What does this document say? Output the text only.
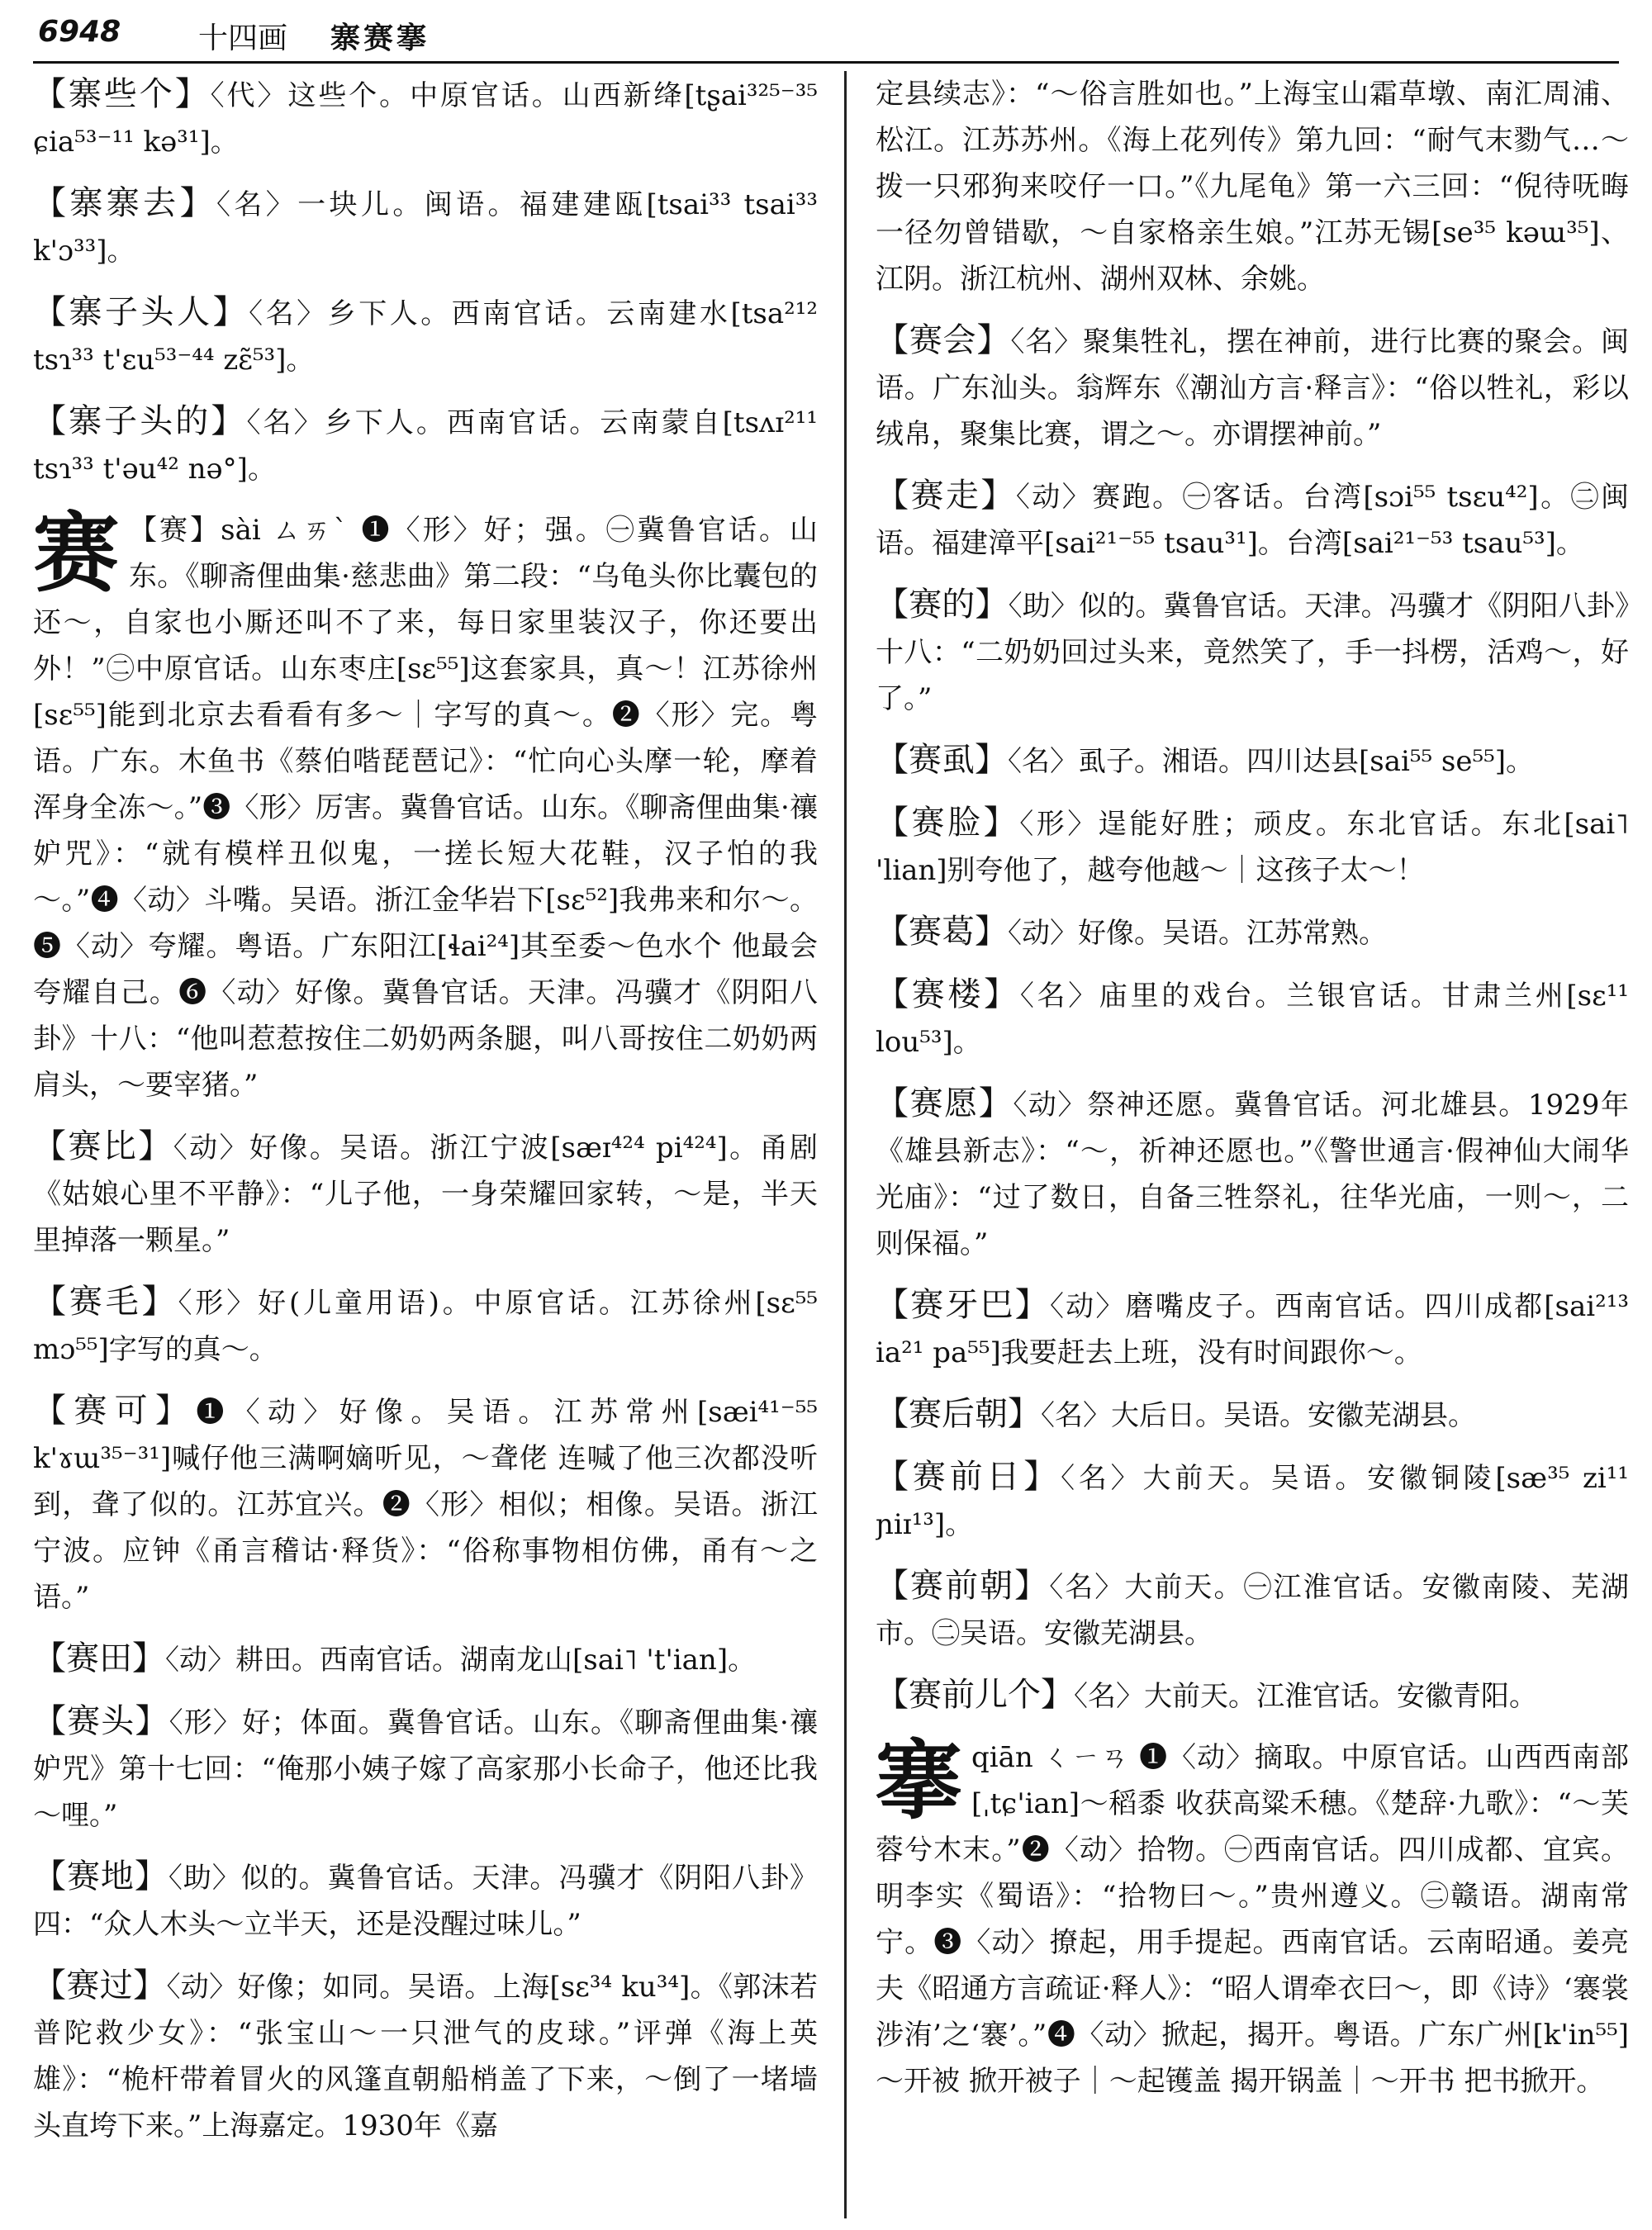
6948	十四画 寨赛搴
【寨些个】〈代〉这些个。中原官话。山西新绛[tʂai³²⁵⁻³⁵ ɕia⁵³⁻¹¹ kə³¹]。
【寨寨去】〈名〉一块儿。闽语。福建建瓯[tsai³³ tsai³³ k'ɔ³³]。
【寨子头人】〈名〉乡下人。西南官话。云南建水[tsa²¹² tsɿ³³ t'ɛu⁵³⁻⁴⁴ zɛ̃⁵³]。
【寨子头的】〈名〉乡下人。西南官话。云南蒙自[tsʌɪ²¹¹ tsɿ³³ t'əu⁴² nə°]。
赛 【赛】sài ㄙㄞˋ ❶〈形〉好；强。㊀冀鲁官话。山东。《聊斋俚曲集·慈悲曲》第二段：“乌龟头你比囊包的还～，自家也小厮还叫不了来，每日家里装汉子，你还要出外！”㊁中原官话。山东枣庄[sɛ⁵⁵]这套家具，真～！江苏徐州[sɛ⁵⁵]能到北京去看看有多～｜字写的真～。❷〈形〉完。粤语。广东。木鱼书《蔡伯喈琵琶记》：“忙向心头摩一轮，摩着浑身全冻～。”❸〈形〉厉害。冀鲁官话。山东。《聊斋俚曲集·禳妒咒》：“就有模样丑似鬼，一搓长短大花鞋，汉子怕的我～。”❹〈动〉斗嘴。吴语。浙江金华岩下[sɛ⁵²]我弗来和尔～。❺〈动〉夸耀。粤语。广东阳江[ɬai²⁴]其至委～色水个 他最会夸耀自己。❻〈动〉好像。冀鲁官话。天津。冯骥才《阴阳八卦》十八：“他叫惹惹按住二奶奶两条腿，叫八哥按住二奶奶两肩头，～要宰猪。”
【赛比】〈动〉好像。吴语。浙江宁波[sæɪ⁴²⁴ pi⁴²⁴]。甬剧《姑娘心里不平静》：“儿子他，一身荣耀回家转，～是，半天里掉落一颗星。”
【赛毛】〈形〉好(儿童用语)。中原官话。江苏徐州[sɛ⁵⁵ mɔ⁵⁵]字写的真～。
【赛可】❶〈动〉好像。吴语。江苏常州[sæi⁴¹⁻⁵⁵ k'ɤɯ³⁵⁻³¹]喊仔他三满啊嫡听见，～聋佬 连喊了他三次都没听到，聋了似的。江苏宜兴。❷〈形〉相似；相像。吴语。浙江宁波。应钟《甬言稽诂·释货》：“俗称事物相仿佛，甬有～之语。”
【赛田】〈动〉耕田。西南官话。湖南龙山[sai˥ 't'ian]。
【赛头】〈形〉好；体面。冀鲁官话。山东。《聊斋俚曲集·禳妒咒》第十七回：“俺那小姨子嫁了高家那小长命子，他还比我～哩。”
【赛地】〈助〉似的。冀鲁官话。天津。冯骥才《阴阳八卦》四：“众人木头～立半天，还是没醒过味儿。”
【赛过】〈动〉好像；如同。吴语。上海[sɛ³⁴ ku³⁴]。《郭沫若普陀救少女》：“张宝山～一只泄气的皮球。”评弹《海上英雄》：“桅杆带着冒火的风篷直朝船梢盖了下来，～倒了一堵墙头直垮下来。”上海嘉定。1930年《嘉
定县续志》：“～俗言胜如也。”上海宝山霜草墩、南汇周浦、松江。江苏苏州。《海上花列传》第九回：“耐气末勠气…～拨一只邪狗来咬仔一口。”《九尾龟》第一六三回：“倪待呒晦一径勿曾错歇，～自家格亲生娘。”江苏无锡[se³⁵ kəɯ³⁵]、江阴。浙江杭州、湖州双林、余姚。
【赛会】〈名〉聚集牲礼，摆在神前，进行比赛的聚会。闽语。广东汕头。翁辉东《潮汕方言·释言》：“俗以牲礼，彩以绒帛，聚集比赛，谓之～。亦谓摆神前。”
【赛走】〈动〉赛跑。㊀客话。台湾[sɔi⁵⁵ tsɛu⁴²]。㊁闽语。福建漳平[sai²¹⁻⁵⁵ tsau³¹]。台湾[sai²¹⁻⁵³ tsau⁵³]。
【赛的】〈助〉似的。冀鲁官话。天津。冯骥才《阴阳八卦》十八：“二奶奶回过头来，竟然笑了，手一抖楞，活鸡～，好了。”
【赛虱】〈名〉虱子。湘语。四川达县[sai⁵⁵ se⁵⁵]。
【赛脸】〈形〉逞能好胜；顽皮。东北官话。东北[sai˥ 'lian]别夸他了，越夸他越～｜这孩子太～！
【赛葛】〈动〉好像。吴语。江苏常熟。
【赛楼】〈名〉庙里的戏台。兰银官话。甘肃兰州[sɛ¹¹ lou⁵³]。
【赛愿】〈动〉祭神还愿。冀鲁官话。河北雄县。1929年《雄县新志》：“～，祈神还愿也。”《警世通言·假神仙大闹华光庙》：“过了数日，自备三牲祭礼，往华光庙，一则～，二则保福。”
【赛牙巴】〈动〉磨嘴皮子。西南官话。四川成都[sai²¹³ ia²¹ pa⁵⁵]我要赶去上班，没有时间跟你～。
【赛后朝】〈名〉大后日。吴语。安徽芜湖县。
【赛前日】〈名〉大前天。吴语。安徽铜陵[sæ³⁵ zi¹¹ ɲiɪ¹³]。
【赛前朝】〈名〉大前天。㊀江淮官话。安徽南陵、芜湖市。㊁吴语。安徽芜湖县。
【赛前儿个】〈名〉大前天。江淮官话。安徽青阳。
搴qiān ㄑㄧㄢ ❶〈动〉摘取。中原官话。山西西南部[ˌtɕ'ian]～稻黍 收获高粱禾穗。《楚辞·九歌》：“～芙蓉兮木末。”❷〈动〉拾物。㊀西南官话。四川成都、宜宾。明李实《蜀语》：“拾物曰～。”贵州遵义。㊁赣语。湖南常宁。❸〈动〉撩起，用手提起。西南官话。云南昭通。姜亮夫《昭通方言疏证·释人》：“昭人谓牵衣曰～，即《诗》‘褰裳涉洧’之‘褰’。”❹〈动〉掀起，揭开。粤语。广东广州[k'in⁵⁵]～开被 掀开被子｜～起镬盖 揭开锅盖｜～开书 把书掀开。
